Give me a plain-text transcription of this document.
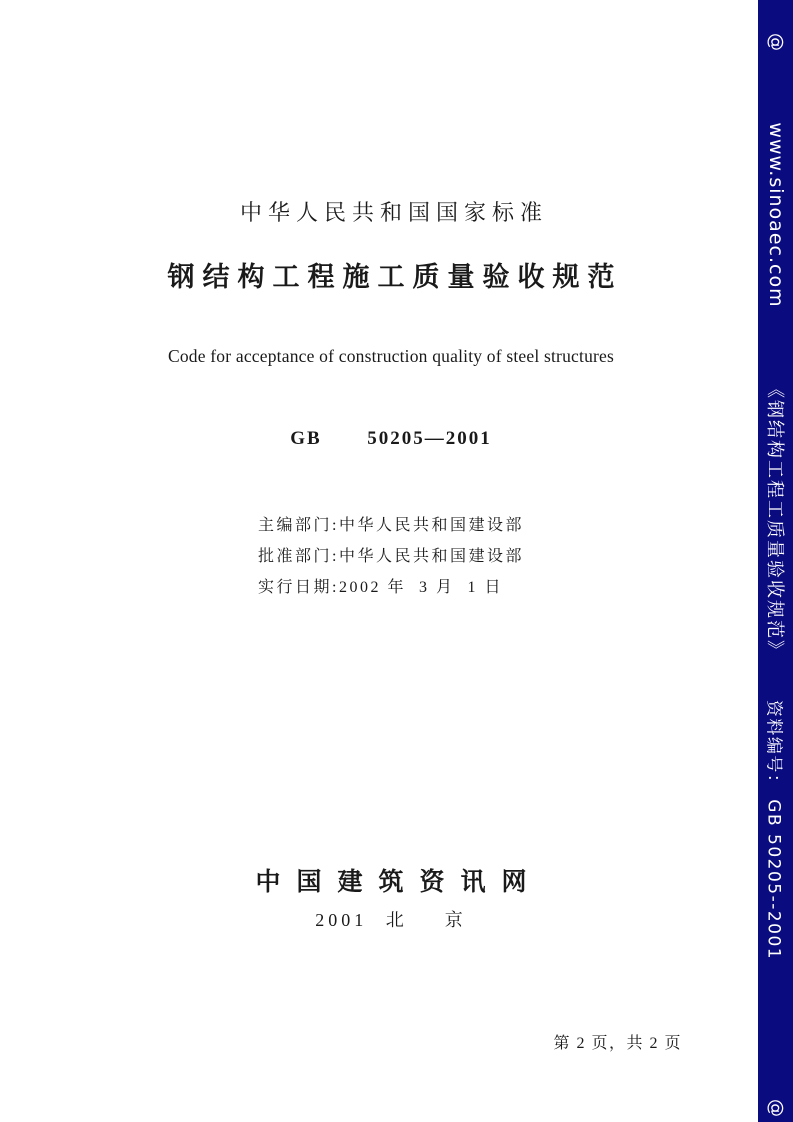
中华人民共和国国家标准
钢结构工程施工质量验收规范
Code for acceptance of construction quality of steel structures
GB  50205—2001
主编部门:中华人民共和国建设部
批准部门:中华人民共和国建设部
实行日期:2002 年  3 月  1 日
中国建筑资讯网
2001 北  京
第 2 页，共 2 页
@
www.sinoaec.com
《钢结构工程工质量验收规范》
资料编号： GB 50205--2001
@
